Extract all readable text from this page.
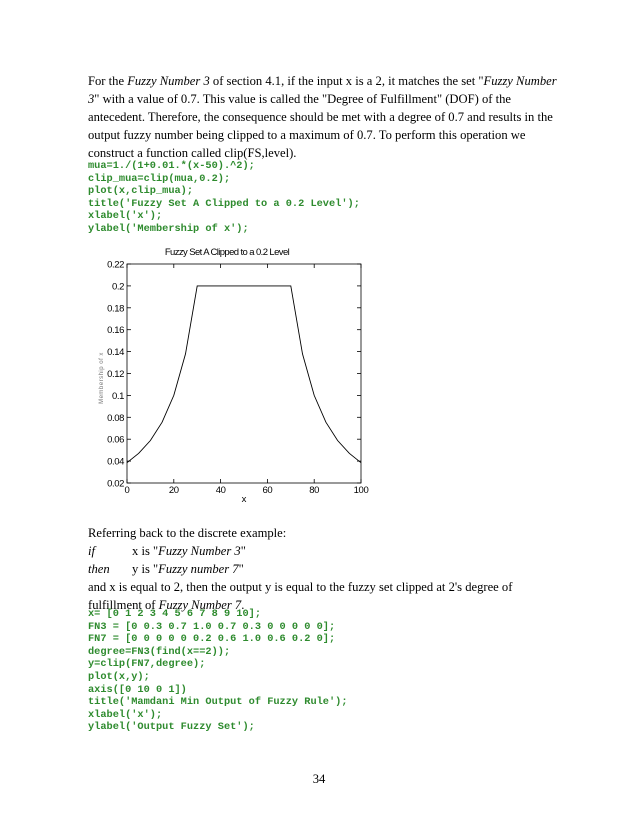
For the Fuzzy Number 3 of section 4.1, if the input x is a 2, it matches the set "Fuzzy Number 3" with a value of 0.7. This value is called the "Degree of Fulfillment" (DOF) of the antecedent. Therefore, the consequence should be met with a degree of 0.7 and results in the output fuzzy number being clipped to a maximum of 0.7. To perform this operation we construct a function called clip(FS,level).
mua=1./(1+0.01.*(x-50).^2);
clip_mua=clip(mua,0.2);
plot(x,clip_mua);
title('Fuzzy Set A Clipped to a 0.2 Level');
xlabel('x');
ylabel('Membership of x');
Fuzzy Set A Clipped to a 0.2 Level
x
0.22
0.2
0.18
0.16
0.14
0.12
0.1
0.08
0.06
0.04
0.02
0	20	40	60	80	100
Membership of x
Referring back to the discrete example:
if	x is "Fuzzy Number 3"
then y is "Fuzzy number 7"
and x is equal to 2, then the output y is equal to the fuzzy set clipped at 2's degree of fulfillment of Fuzzy Number 7.
x= [0 1 2 3 4 5 6 7 8 9 10];
FN3 = [0 0.3 0.7 1.0 0.7 0.3 0 0 0 0 0];
FN7 = [0 0 0 0 0 0.2 0.6 1.0 0.6 0.2 0];
degree=FN3(find(x==2));
y=clip(FN7,degree);
plot(x,y);
axis([0 10 0 1])
title('Mamdani Min Output of Fuzzy Rule');
xlabel('x');
ylabel('Output Fuzzy Set');
34
